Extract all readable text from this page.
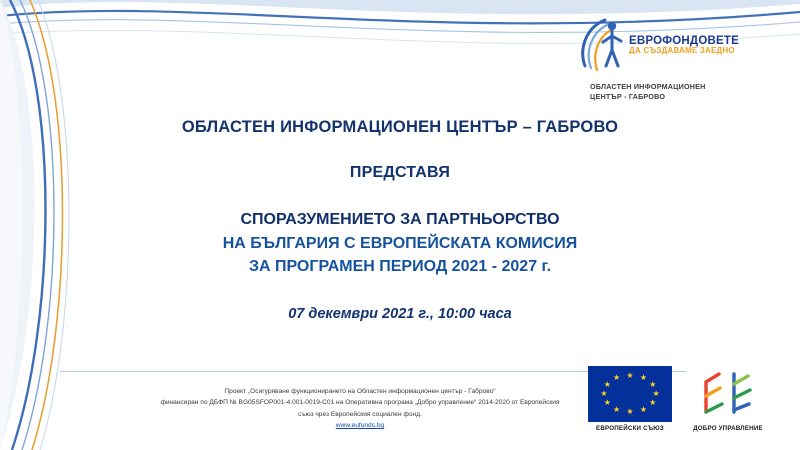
ЕВРОФОНДОВЕТЕ
ДА СЪЗДАВАМЕ ЗАЕДНО
ОБЛАСТЕН ИНФОРМАЦИОНЕН
ЦЕНТЪР - ГАБРОВО
ОБЛАСТЕН ИНФОРМАЦИОНЕН ЦЕНТЪР – ГАБРОВО
ПРЕДСТАВЯ
СПОРАЗУМЕНИЕТО ЗА ПАРТНЬОРСТВО
НА БЪЛГАРИЯ С ЕВРОПЕЙСКАТА КОМИСИЯ
ЗА ПРОГРАМЕН ПЕРИОД 2021 - 2027 г.
07 декември 2021 г., 10:00 часа
Проект „Осигуряване функционирането на Областен информационен център - Габрово“
финансиран по ДБФП № BG05SFOP001-4.001-0019-C01 на Оперативна програма „Добро управление“ 2014-2020 от Европейския
съюз чрез Европейския социален фонд.
www.eufunds.bg
★ ★
★
★
★
★
★
★
★
★
★
★
ЕВРОПЕЙСКИ СЪЮЗ	ДОБРО УПРАВЛЕНИЕ
